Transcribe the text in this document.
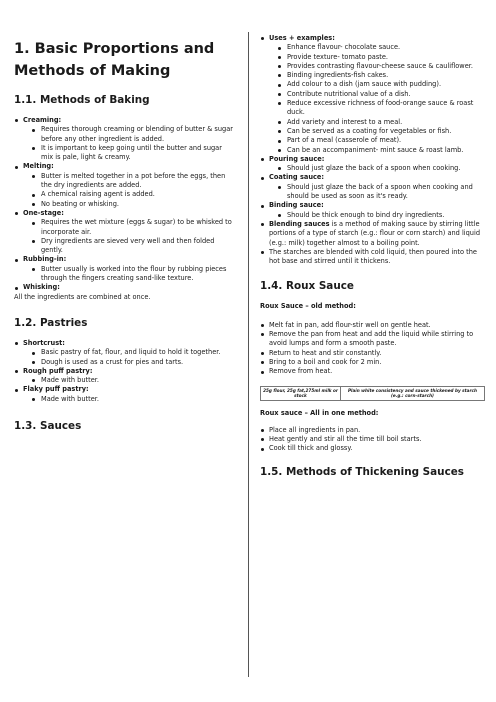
1. Basic Proportions and Methods of Making
1.1. Methods of Baking
Creaming:
Requires thorough creaming or blending of butter & sugar before any other ingredient is added.
It is important to keep going until the butter and sugar mix is pale, light & creamy.
Melting:
Butter is melted together in a pot before the eggs, then the dry ingredients are added.
A chemical raising agent is added.
No beating or whisking.
One-stage:
Requires the wet mixture (eggs & sugar) to be whisked to incorporate air.
Dry ingredients are sieved very well and then folded gently.
Rubbing-in:
Butter usually is worked into the flour by rubbing pieces through the fingers creating sand-like texture.
Whisking:

All the ingredients are combined at once.

1.2. Pastries
Shortcrust:
Basic pastry of fat, flour, and liquid to hold it together.
Dough is used as a crust for pies and tarts.
Rough puff pastry:
Made with butter.
Flaky puff pastry:
Made with butter.
1.3. Sauces
Uses + examples:
Enhance flavour- chocolate sauce.
Provide texture- tomato paste.
Provides contrasting flavour-cheese sauce & cauliflower.
Binding ingredients-fish cakes.
Add colour to a dish (jam sauce with pudding).
Contribute nutritional value of a dish.
Reduce excessive richness of food-orange sauce & roast duck.
Add variety and interest to a meal.
Can be served as a coating for vegetables or fish.
Part of a meal (casserole of meat).
Can be an accompaniment- mint sauce & roast lamb.
Pouring sauce:
Should just glaze the back of a spoon when cooking.
Coating sauce:
Should just glaze the back of a spoon when cooking and should be used as soon as it's ready.
Binding sauce:
Should be thick enough to bind dry ingredients.
Blending sauces is a method of making sauce by stirring little portions of a type of starch (e.g.: flour or corn starch) and liquid (e.g.: milk) together almost to a boiling point.
The starches are blended with cold liquid, then poured into the hot base and stirred until it thickens.
1.4. Roux Sauce

Roux Sauce – old method:

Melt fat in pan, add flour-stir well on gentle heat.
Remove the pan from heat and add the liquid while stirring to avoid lumps and form a smooth paste.
Return to heat and stir constantly.
Bring to a boil and cook for 2 min.
Remove from heat.
25g flour, 25g fat,275ml milk or stock	Plain white consistency and sauce thickened by starch (e.g.: corn-starch)

Roux sauce – All in one method:

Place all ingredients in pan.
Heat gently and stir all the time till boil starts.
Cook till thick and glossy.
1.5. Methods of Thickening Sauces
